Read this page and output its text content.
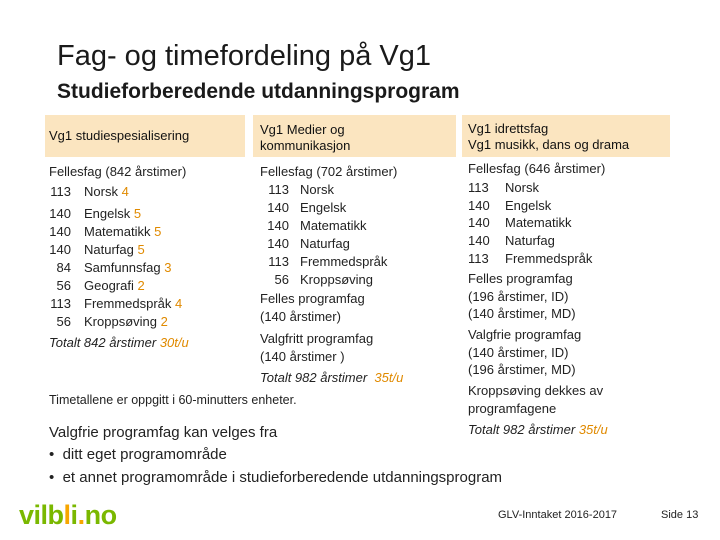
Fag- og timefordeling på Vg1
Studieforberedende utdanningsprogram
Vg1 studiespesialisering
Fellesfag (842 årstimer)
113 Norsk 4
140 Engelsk 5
140 Matematikk 5
140 Naturfag 5
84 Samfunnsfag 3
56 Geografi 2
113 Fremmedspråk 4
56 Kroppsøving 2
Totalt 842 årstimer 30t/u
Vg1 Medier og
kommunikasjon
Fellesfag (702 årstimer)
113 Norsk
140 Engelsk
140 Matematikk
140 Naturfag
113 Fremmedspråk
56 Kroppsøving
Felles programfag
(140 årstimer)
Valgfritt programfag
(140 årstimer )
Totalt 982 årstimer 35t/u
Vg1 idrettsfag
Vg1 musikk, dans og drama
Fellesfag (646 årstimer)
113 Norsk
140 Engelsk
140 Matematikk
140 Naturfag
113 Fremmedspråk
Felles programfag
(196 årstimer, ID)
(140 årstimer, MD)
Valgfrie programfag
(140 årstimer, ID)
(196 årstimer, MD)
Kroppsøving dekkes av
programfagene
Totalt 982 årstimer 35t/u
Timetallene er oppgitt i 60-minutters enheter.
Valgfrie programfag kan velges fra
•  ditt eget programområde
•  et annet programområde i studieforberedende utdanningsprogram
vilbli.no	GLV-Inntaket 2016-2017	Side 13
